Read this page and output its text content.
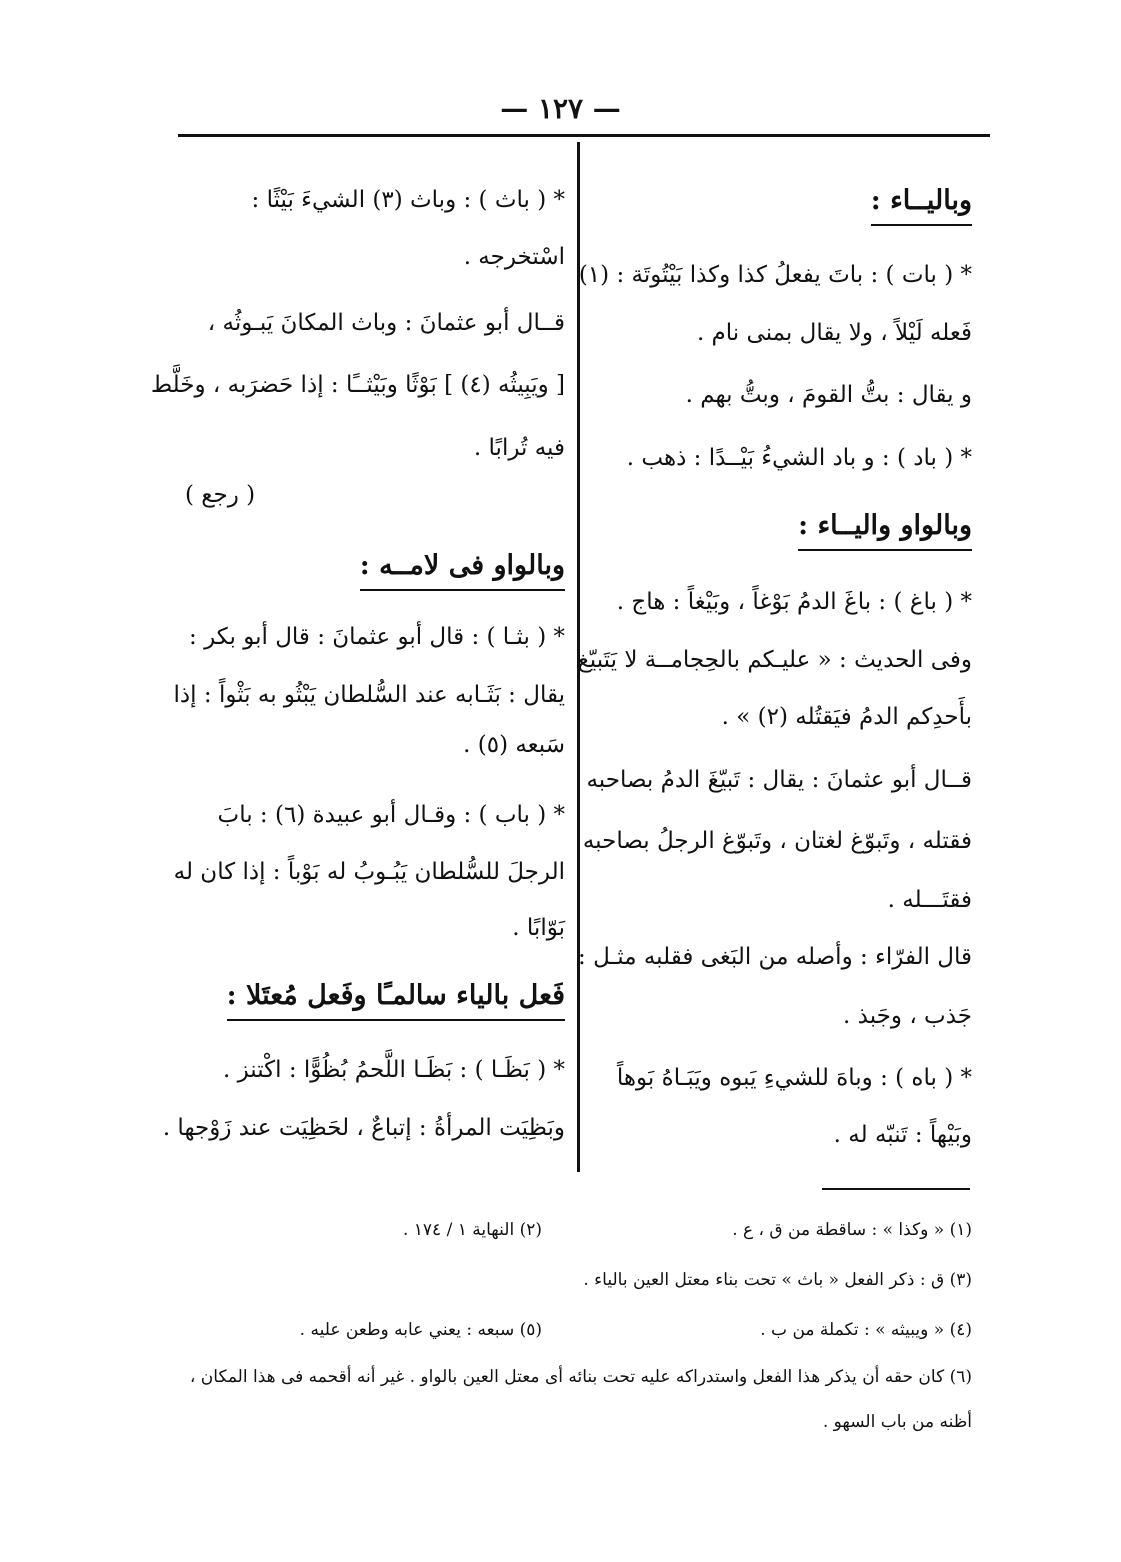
— ١٢٧ —
وباليــاء :
* ( بات ) : باتَ يفعلُ كذا وكذا بَيْتُوتَة : (١)
فَعله لَيْلاً ، ولا يقال بمنى نام .
و يقال : بتُّ القومَ ، وبتُّ بهم .
* ( باد ) : و باد الشيءُ بَيْــدًا : ذهب .
وبالواو واليــاء :
* ( باغ ) : باغَ الدمُ بَوْغاً ، وبَيْغاً : هاج .
وفى الحديث : « عليـكم بالحِجامــة لا يَتَبيّغ
بأَحدِكم الدمُ فيَقتُله (٢) » .
قــال أبو عثمانَ : يقال : تَبيّغَ الدمُ بصاحبه
فقتله ، وتَبوّغ لغتان ، وتَبوّغ الرجلُ بصاحبه
فقتَـــله .
قال الفرّاء : وأصله من البَغى فقلبه مثـل :
جَذب ، وجَبذ .
* ( باه ) : وباهَ للشيءِ يَبوه ويَبَـاهُ بَوهاً
وبَيْهاً : تَنبّه له .
* ( باث ) : وباث (٣) الشيءَ بَيْثًا :
اسْتخرجه .
قــال أبو عثمانَ : وباث المكانَ يَبـوثُه ،
[ ويَبِيثُه (٤) ] بَوْثًا وبَيْثــًا : إذا حَضرَبه ، وخَلَّط
فيه تُرابًا .
( رجع )
وبالواو فى لامــه :
* ( بثـا ) : قال أبو عثمانَ : قال أبو بكر :
يقال : بَثَـابه عند السُّلطان يَبْثُو به بَثْواً : إذا
سَبعه (٥) .
* ( باب ) : وقـال أبو عبيدة (٦) : بابَ
الرجلَ للسُّلطان يَبُـوبُ له بَوْباً : إذا كان له
بَوّابًا .
فَعل بالياء سالمـًا وفَعل مُعتَلا :
* ( بَظَـا ) : بَظَـا اللَّحمُ بُظُوًّا : اكْتنز .
وبَظِيَت المرأةُ : إتباعٌ ، لحَظِيَت عند زَوْجها .
(١) « وكذا » : ساقطة من ق ، ع .
(٢) النهاية ١ / ١٧٤ .
(٣) ق : ذكر الفعل « باث » تحت بناء معتل العين بالياء .
(٤) « ويبيثه » : تكملة من ب .
(٥) سبعه : يعني عابه وطعن عليه .
(٦) كان حقه أن يذكر هذا الفعل واستدراكه عليه تحت بنائه أى معتل العين بالواو . غير أنه أقحمه فى هذا المكان ،
أظنه من باب السهو .
